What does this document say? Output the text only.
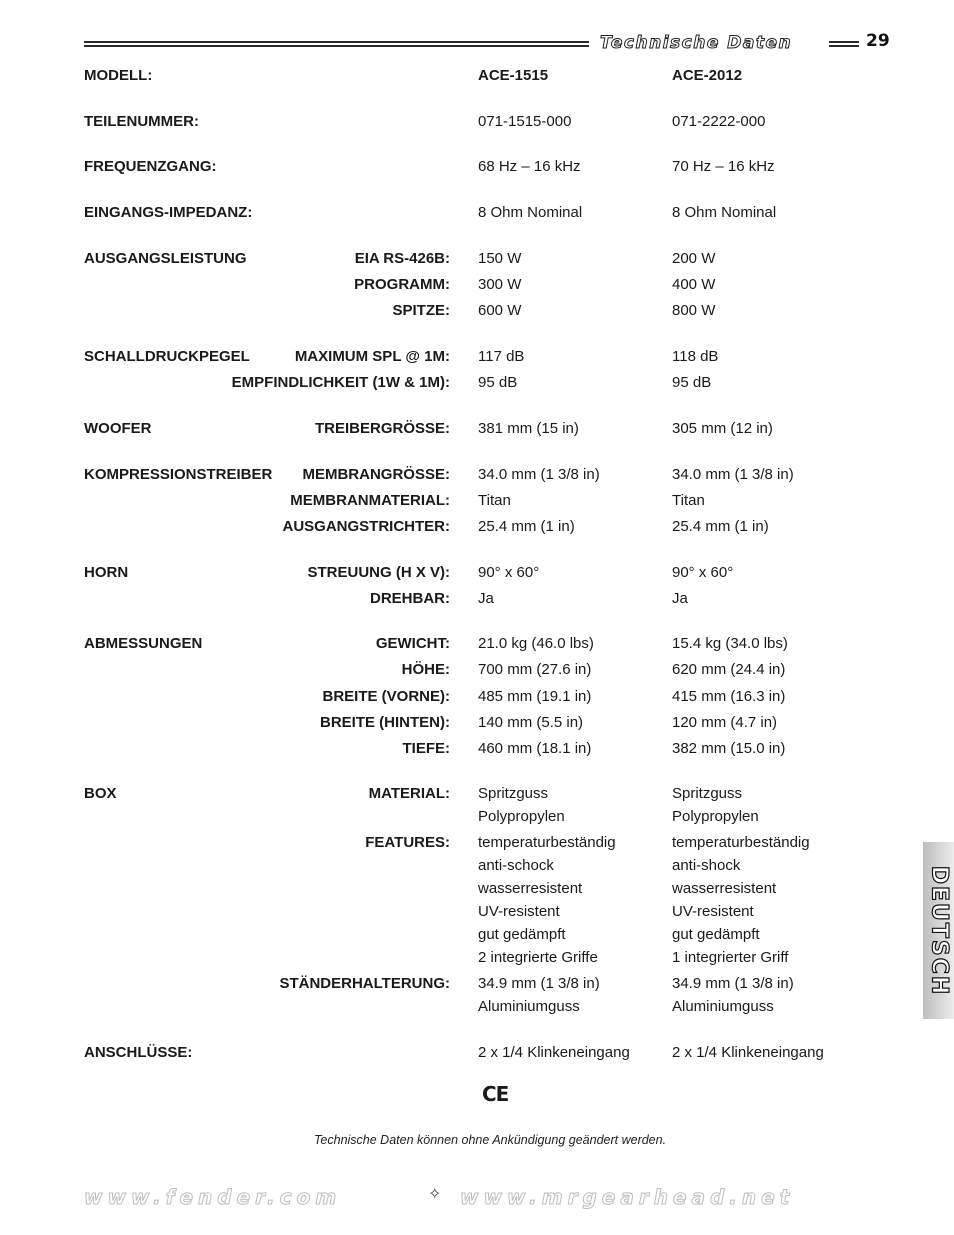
Technische Daten	29
MODELL:	ACE-1515	ACE-2012
TEILENUMMER:	071-1515-000	071-2222-000
FREQUENZGANG:	68 Hz – 16 kHz	70 Hz – 16 kHz
EINGANGS-IMPEDANZ:	8 Ohm Nominal	8 Ohm Nominal
AUSGANGSLEISTUNG	EIA RS-426B: 150 W	200 W
PROGRAMM: 300 W	400 W
SPITZE: 600 W	800 W
SCHALLDRUCKPEGEL	MAXIMUM SPL @ 1M: 117 dB	118 dB
EMPFINDLICHKEIT (1W & 1M): 95 dB	95 dB
WOOFER	TREIBERGRÖSSE: 381 mm (15 in)	305 mm (12 in)
KOMPRESSIONSTREIBER MEMBRANGRÖSSE: 34.0 mm (1 3/8 in)	34.0 mm (1 3/8 in)
MEMBRANMATERIAL: Titan	Titan
AUSGANGSTRICHTER: 25.4 mm (1 in)	25.4 mm (1 in)
HORN	STREUUNG (H X V): 90° x 60°	90° x 60°
DREHBAR: Ja	Ja
ABMESSUNGEN	GEWICHT: 21.0 kg (46.0 lbs)	15.4 kg (34.0 lbs)
HÖHE: 700 mm (27.6 in)	620 mm (24.4 in)
BREITE (VORNE): 485 mm (19.1 in)	415 mm (16.3 in)
BREITE (HINTEN): 140 mm (5.5 in)	120 mm (4.7 in)
TIEFE: 460 mm (18.1 in)	382 mm (15.0 in)
BOX	MATERIAL: Spritzguss	Spritzguss
Polypropylen	Polypropylen
FEATURES: temperaturbeständig	temperaturbeständig
anti-schock	anti-shock
wasserresistent	wasserresistent
UV-resistent	UV-resistent
gut gedämpft	gut gedämpft
2 integrierte Griffe	1 integrierter Griff
STÄNDERHALTERUNG: 34.9 mm (1 3/8 in)	34.9 mm (1 3/8 in)
Aluminiumguss	Aluminiumguss
ANSCHLÜSSE:	2 x 1/4 Klinkeneingang	2 x 1/4 Klinkeneingang
CE
Technische Daten können ohne Ankündigung geändert werden.
www.fender.com	✧ www.mrgearhead.net
DEUTSCH
